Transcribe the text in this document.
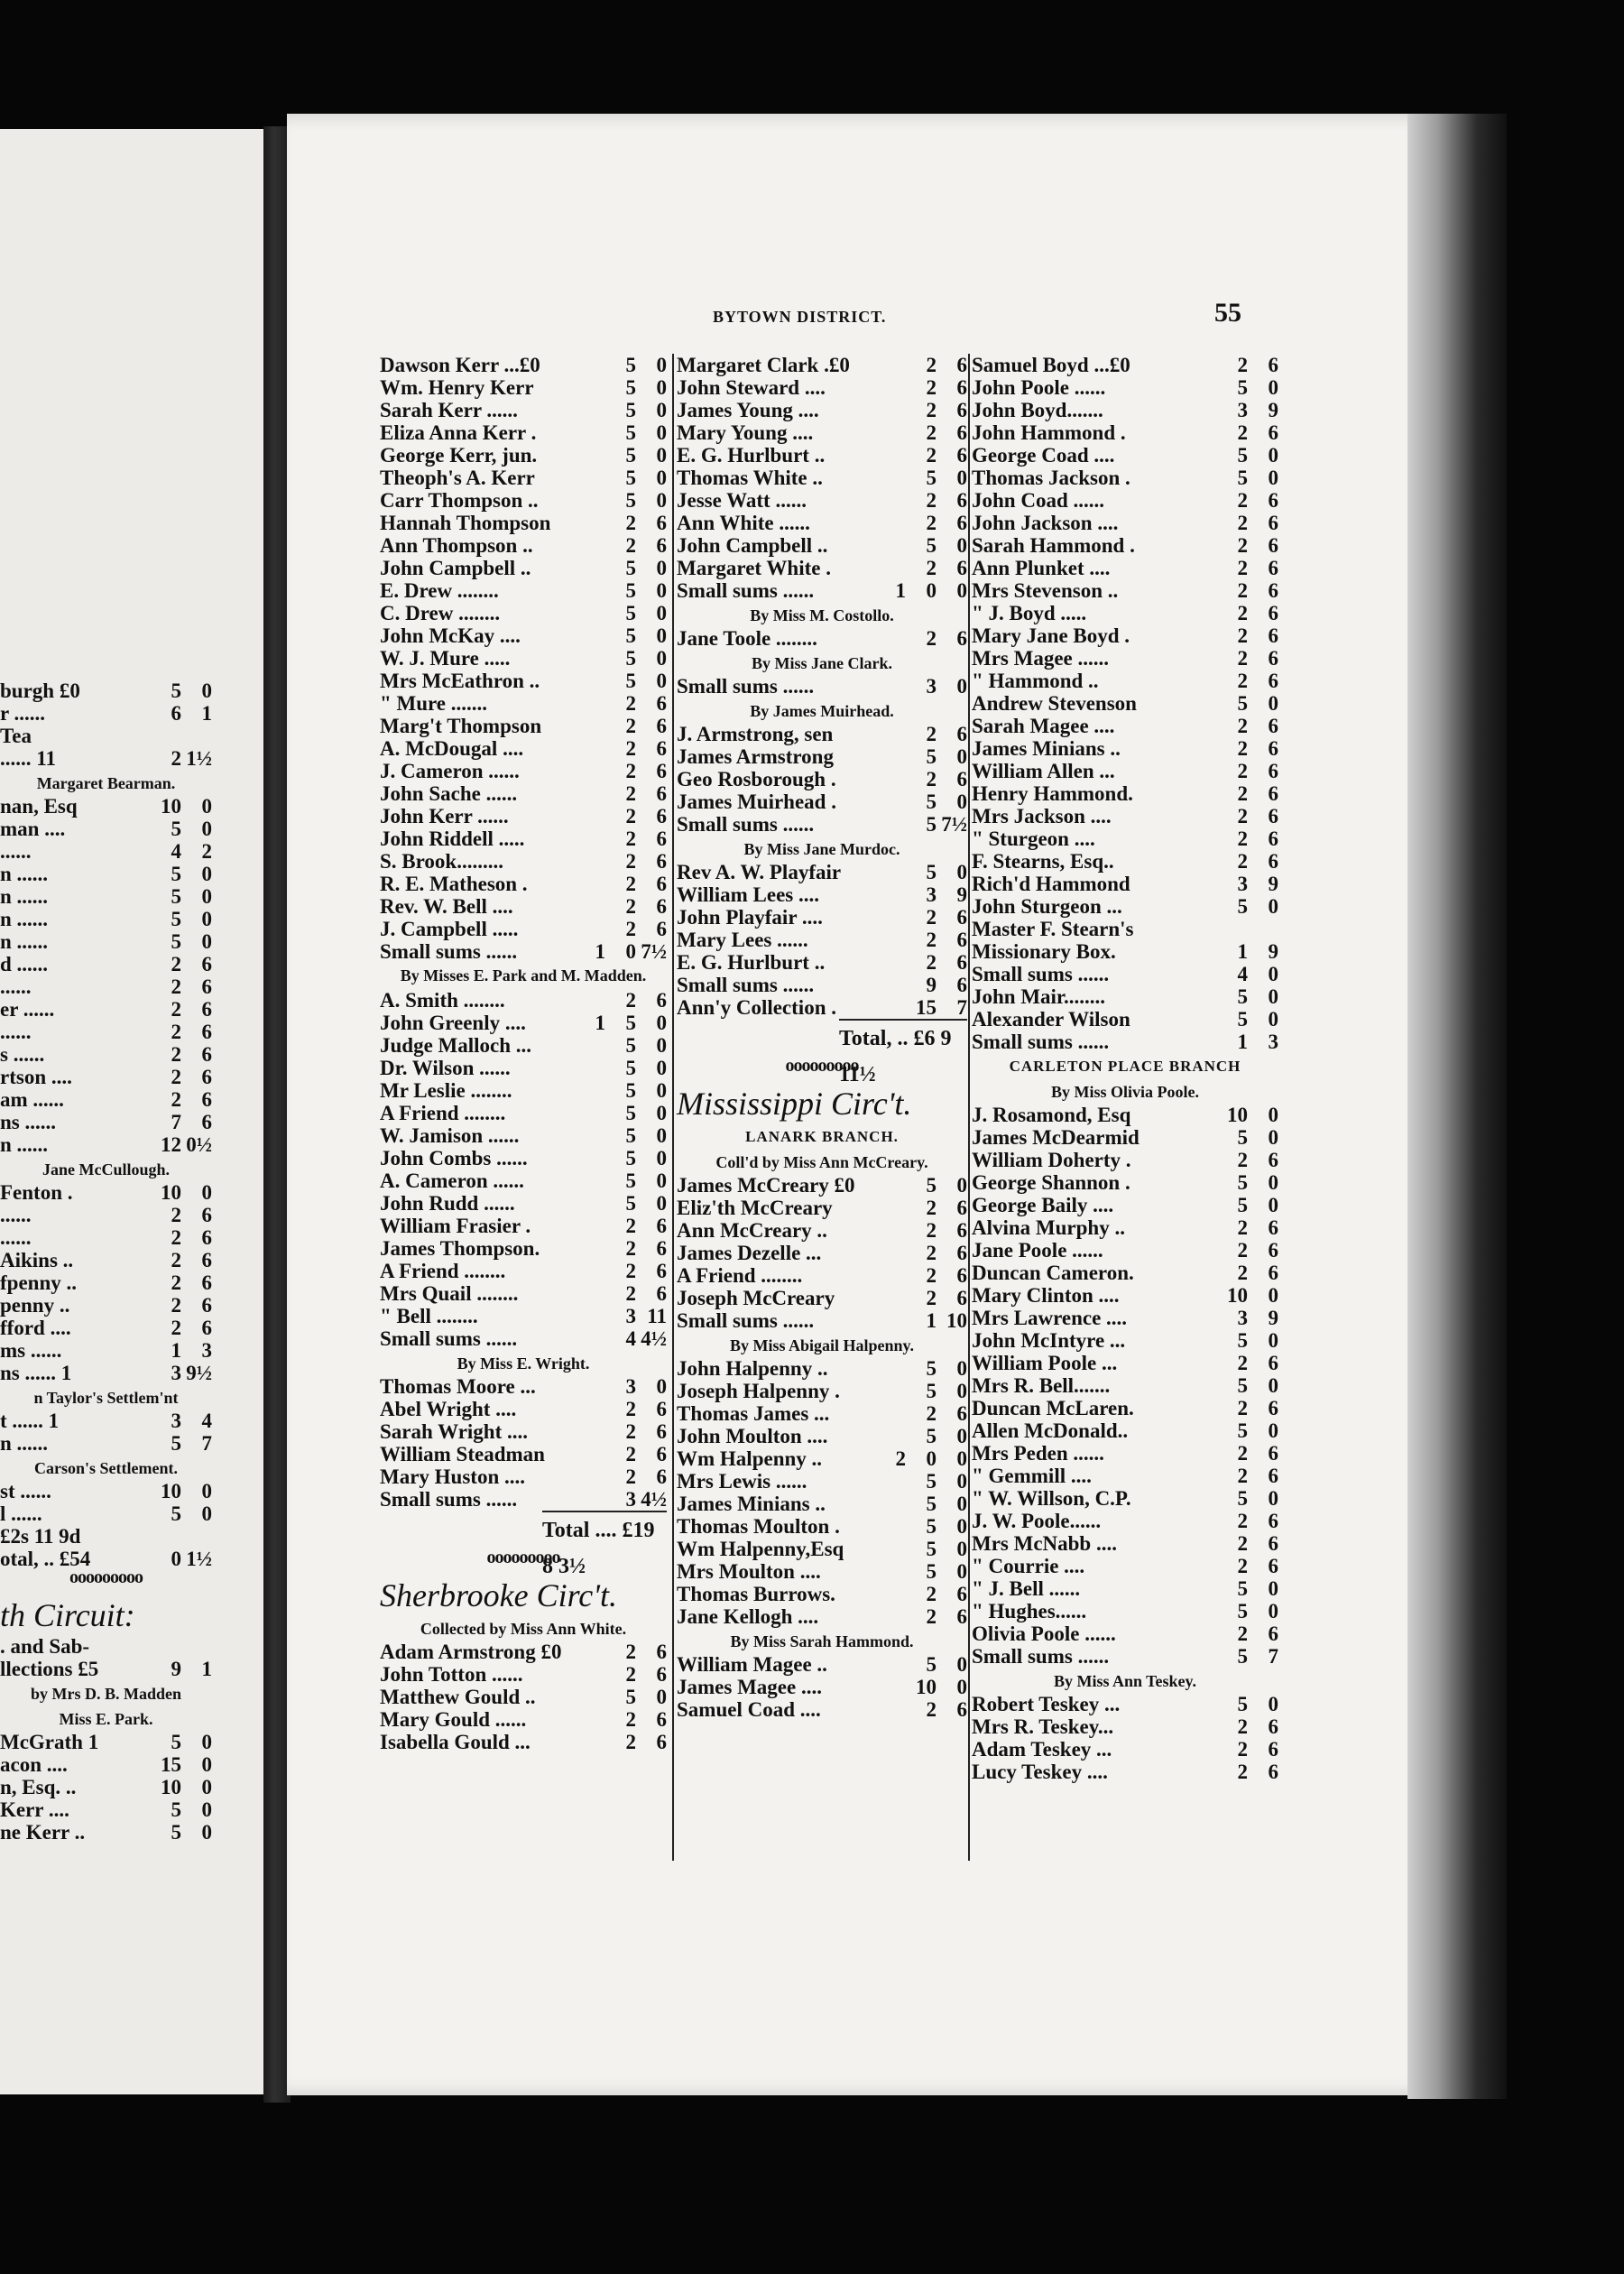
burgh £0	5 0
r ......	6 1
Tea
...... 11	2 1½
Margaret Bearman.
nan, Esq	10 0
man ....	5 0
......	4 2
n ......	5 0
n ......	5 0
n ......	5 0
n ......	5 0
d ......	2 6
......	2 6
er ......	2 6
......	2 6
s ......	2 6
rtson ....	2 6
am ......	2 6
ns ......	7 6
n ......	12 0½
Jane McCullough.
Fenton .	10 0
......	2 6
......	2 6
Aikins ..	2 6
fpenny ..	2 6
penny ..	2 6
fford ....	2 6
ms ......	1 3
ns ...... 1	3 9½
n Taylor's Settlem'nt
t ...... 1	3 4
n ......	5 7
Carson's Settlement.
st ......	10 0
l ......	5 0
£2s 11 9d
otal, .. £54	0 1½
ooooooooo
th Circuit:
. and Sab-
llections £5	9 1
by Mrs D. B. Madden
Miss E. Park.
McGrath 1	5 0
acon ....	15 0
n, Esq. ..	10 0
Kerr ....	5 0
ne Kerr ..	5 0
BYTOWN DISTRICT.	55
Dawson Kerr ...£0	5 0
Wm. Henry Kerr	5 0
Sarah Kerr ......	5 0
Eliza Anna Kerr .	5 0
George Kerr, jun.	5 0
Theoph's A. Kerr	5 0
Carr Thompson ..	5 0
Hannah Thompson	2 6
Ann Thompson ..	2 6
John Campbell ..	5 0
E. Drew ........	5 0
C. Drew ........	5 0
John McKay ....	5 0
W. J. Mure .....	5 0
Mrs McEathron ..	5 0
" Mure .......	2 6
Marg't Thompson	2 6
A. McDougal ....	2 6
J. Cameron ......	2 6
John Sache ......	2 6
John Kerr ......	2 6
John Riddell .....	2 6
S. Brook.........	2 6
R. E. Matheson .	2 6
Rev. W. Bell ....	2 6
J. Campbell .....	2 6
Small sums ......	1 0 7½
By Misses E. Park and M. Madden.
A. Smith ........	2 6
John Greenly ....	1 5 0
Judge Malloch ...	5 0
Dr. Wilson ......	5 0
Mr Leslie ........	5 0
A Friend ........	5 0
W. Jamison ......	5 0
John Combs ......	5 0
A. Cameron ......	5 0
John Rudd ......	5 0
William Frasier .	2 6
James Thompson.	2 6
A Friend ........	2 6
Mrs Quail ........	2 6
" Bell ........	3 11
Small sums ......	4 4½
By Miss E. Wright.
Thomas Moore ...	3 0
Abel Wright ....	2 6
Sarah Wright ....	2 6
William Steadman	2 6
Mary Huston ....	2 6
Small sums ......	3 4½
Total .... £19 8 3½
ooooooooo
Sherbrooke Circ't.
Collected by Miss Ann White.
Adam Armstrong £0	2 6
John Totton ......	2 6
Matthew Gould ..	5 0
Mary Gould ......	2 6
Isabella Gould ...	2 6
Margaret Clark .£0	2 6
John Steward ....	2 6
James Young ....	2 6
Mary Young ....	2 6
E. G. Hurlburt ..	2 6
Thomas White ..	5 0
Jesse Watt ......	2 6
Ann White ......	2 6
John Campbell ..	5 0
Margaret White .	2 6
Small sums ......	1 0 0
By Miss M. Costollo.
Jane Toole ........	2 6
By Miss Jane Clark.
Small sums ......	3 0
By James Muirhead.
J. Armstrong, sen	2 6
James Armstrong	5 0
Geo Rosborough .	2 6
James Muirhead .	5 0
Small sums ......	5 7½
By Miss Jane Murdoc.
Rev A. W. Playfair	5 0
William Lees ....	3 9
John Playfair ....	2 6
Mary Lees ......	2 6
E. G. Hurlburt ..	2 6
Small sums ......	9 6
Ann'y Collection .	15 7
Total, .. £6 9 11½
ooooooooo
Mississippi Circ't.
LANARK BRANCH.
Coll'd by Miss Ann McCreary.
James McCreary £0	5 0
Eliz'th McCreary	2 6
Ann McCreary ..	2 6
James Dezelle ...	2 6
A Friend ........	2 6
Joseph McCreary	2 6
Small sums ......	1 10
By Miss Abigail Halpenny.
John Halpenny ..	5 0
Joseph Halpenny .	5 0
Thomas James ...	2 6
John Moulton ....	5 0
Wm Halpenny ..	2 0 0
Mrs Lewis ......	5 0
James Minians ..	5 0
Thomas Moulton .	5 0
Wm Halpenny,Esq	5 0
Mrs Moulton ....	5 0
Thomas Burrows.	2 6
Jane Kellogh ....	2 6
By Miss Sarah Hammond.
William Magee ..	5 0
James Magee ....	10 0
Samuel Coad ....	2 6
Samuel Boyd ...£0	2 6
John Poole ......	5 0
John Boyd.......	3 9
John Hammond .	2 6
George Coad ....	5 0
Thomas Jackson .	5 0
John Coad ......	2 6
John Jackson ....	2 6
Sarah Hammond .	2 6
Ann Plunket ....	2 6
Mrs Stevenson ..	2 6
" J. Boyd .....	2 6
Mary Jane Boyd .	2 6
Mrs Magee ......	2 6
" Hammond ..	2 6
Andrew Stevenson	5 0
Sarah Magee ....	2 6
James Minians ..	2 6
William Allen ...	2 6
Henry Hammond.	2 6
Mrs Jackson ....	2 6
" Sturgeon ....	2 6
F. Stearns, Esq..	2 6
Rich'd Hammond	3 9
John Sturgeon ...	5 0
Master F. Stearn's
Missionary Box.	1 9
Small sums ......	4 0
John Mair........	5 0
Alexander Wilson	5 0
Small sums ......	1 3
CARLETON PLACE BRANCH
By Miss Olivia Poole.
J. Rosamond, Esq	10 0
James McDearmid	5 0
William Doherty .	2 6
George Shannon .	5 0
George Baily ....	5 0
Alvina Murphy ..	2 6
Jane Poole ......	2 6
Duncan Cameron.	2 6
Mary Clinton ....	10 0
Mrs Lawrence ....	3 9
John McIntyre ...	5 0
William Poole ...	2 6
Mrs R. Bell.......	5 0
Duncan McLaren.	2 6
Allen McDonald..	5 0
Mrs Peden ......	2 6
" Gemmill ....	2 6
" W. Willson, C.P.	5 0
J. W. Poole......	2 6
Mrs McNabb ....	2 6
" Courrie ....	2 6
" J. Bell ......	5 0
" Hughes......	5 0
Olivia Poole ......	2 6
Small sums ......	5 7
By Miss Ann Teskey.
Robert Teskey ...	5 0
Mrs R. Teskey...	2 6
Adam Teskey ...	2 6
Lucy Teskey ....	2 6
